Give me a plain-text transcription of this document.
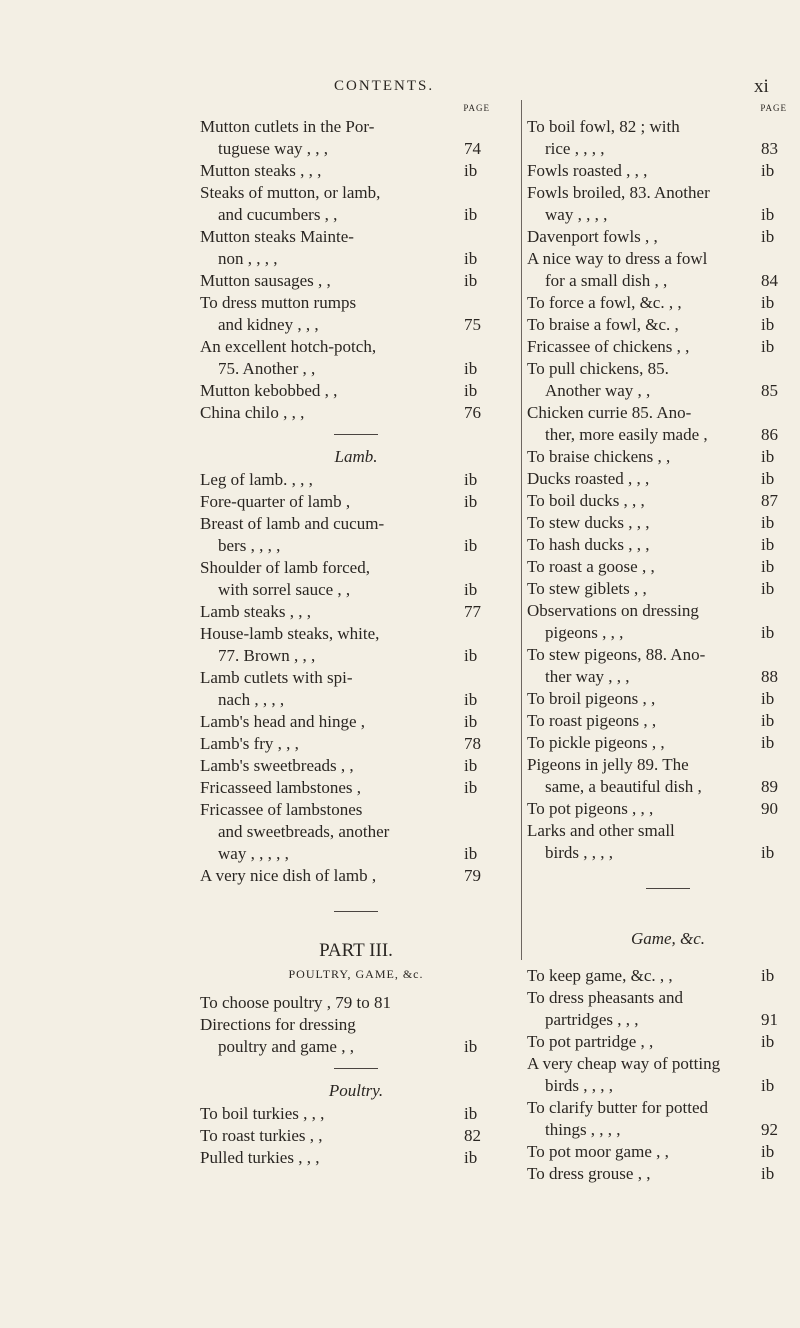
CONTENTS.	xi
PAGE
Mutton cutlets in the Por-
tuguese way , , ,	74
Mutton steaks , , ,	ib
Steaks of mutton, or lamb,
and cucumbers , ,	ib
Mutton steaks Mainte-
non , , , ,	ib
Mutton sausages , ,	ib
To dress mutton rumps
and kidney , , ,	75
An excellent hotch-potch,
75. Another , ,	ib
Mutton kebobbed , ,	ib
China chilo , , ,	76
Lamb.
Leg of lamb. , , ,	ib
Fore-quarter of lamb ,	ib
Breast of lamb and cucum-
bers , , , ,	ib
Shoulder of lamb forced,
with sorrel sauce , ,	ib
Lamb steaks , , ,	77
House-lamb steaks, white,
77. Brown , , ,	ib
Lamb cutlets with spi-
nach , , , ,	ib
Lamb's head and hinge ,	ib
Lamb's fry , , ,	78
Lamb's sweetbreads , ,	ib
Fricasseed lambstones ,	ib
Fricassee of lambstones
and sweetbreads, another
way , , , , ,	ib
A very nice dish of lamb ,	79
PART III.
POULTRY, GAME, &c.
To choose poultry , 79 to 81
Directions for dressing
poultry and game , ,	ib
Poultry.
To boil turkies , , ,	ib
To roast turkies , ,	82
Pulled turkies , , ,	ib
PAGE
To boil fowl, 82 ; with
rice , , , ,	83
Fowls roasted , , ,	ib
Fowls broiled, 83. Another
way , , , ,	ib
Davenport fowls , ,	ib
A nice way to dress a fowl
for a small dish , ,	84
To force a fowl, &c. , ,	ib
To braise a fowl, &c. ,	ib
Fricassee of chickens , ,	ib
To pull chickens, 85.
Another way , ,	85
Chicken currie 85. Ano-
ther, more easily made ,	86
To braise chickens , ,	ib
Ducks roasted , , ,	ib
To boil ducks , , ,	87
To stew ducks , , ,	ib
To hash ducks , , ,	ib
To roast a goose , ,	ib
To stew giblets , ,	ib
Observations on dressing
pigeons , , ,	ib
To stew pigeons, 88. Ano-
ther way , , ,	88
To broil pigeons , ,	ib
To roast pigeons , ,	ib
To pickle pigeons , ,	ib
Pigeons in jelly 89. The
same, a beautiful dish ,	89
To pot pigeons , , ,	90
Larks and other small
birds , , , ,	ib
Game, &c.
To keep game, &c. , ,	ib
To dress pheasants and
partridges , , ,	91
To pot partridge , ,	ib
A very cheap way of potting
birds , , , ,	ib
To clarify butter for potted
things , , , ,	92
To pot moor game , ,	ib
To dress grouse , ,	ib
